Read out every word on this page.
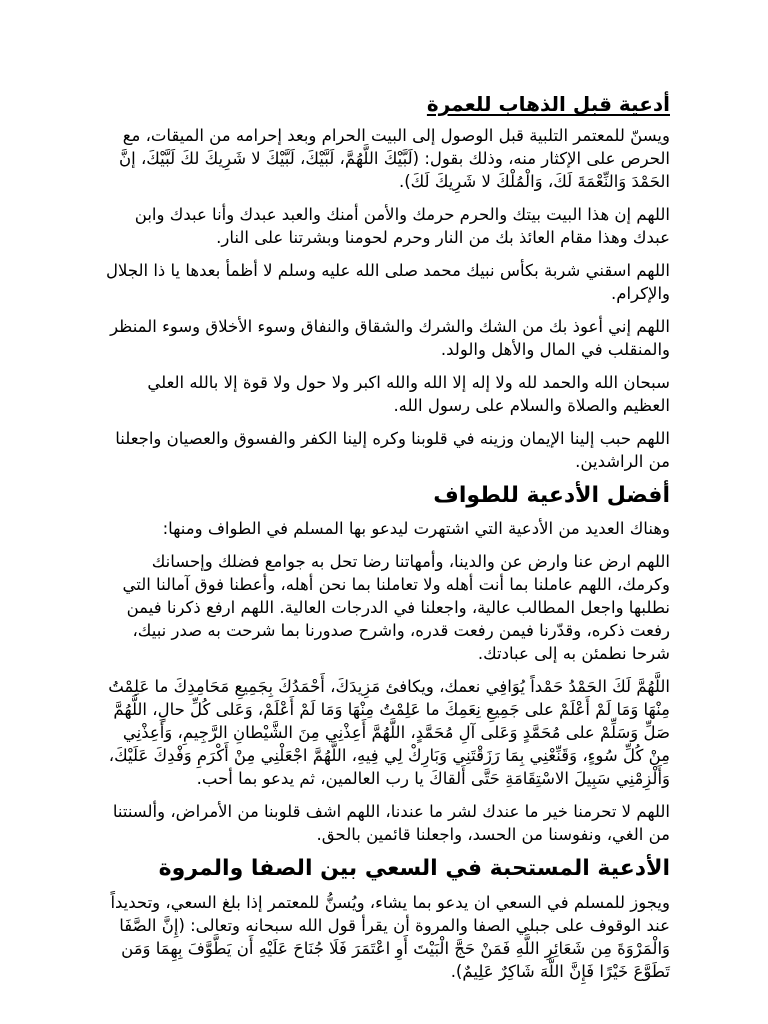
أدعية قبل الذهاب للعمرة

ويسنّ للمعتمر التلبية قبل الوصول إلى البيت الحرام وبعد إحرامه من الميقات، مع الحرص على الإكثار منه، وذلك بقول: (لَبَّيْكَ اللَّهُمَّ، لَبَّيْكَ، لَبَّيْكَ لا شَرِيكَ لكَ لَبَّيْكَ، إنَّ الحَمْدَ وَالنِّعْمَةَ لَكَ، وَالْمُلْكَ لا شَرِيكَ لَكَ).

اللهم إن هذا البيت بيتك والحرم حرمك والأمن أمنك والعبد عبدك وأنا عبدك وابن عبدك وهذا مقام العائذ بك من النار وحرم لحومنا وبشرتنا على النار.

اللهم اسقني شربة بكأس نبيك محمد صلى الله عليه وسلم لا أظمأ بعدها يا ذا الجلال والإكرام.

اللهم إني أعوذ بك من الشك والشرك والشقاق والنفاق وسوء الأخلاق وسوء المنظر والمنقلب في المال والأهل والولد.

سبحان الله والحمد لله ولا إله إلا الله والله اكبر ولا حول ولا قوة إلا بالله العلي العظيم والصلاة والسلام على رسول الله.

اللهم حبب إلينا الإيمان وزينه في قلوبنا وكره إلينا الكفر والفسوق والعصيان واجعلنا من الراشدين.

أفضل الأدعية للطواف

وهناك العديد من الأدعية التي اشتهرت ليدعو بها المسلم في الطواف ومنها:

اللهم ارض عنا وارض عن والدينا، وأمهاتنا رضا تحل به جوامع فضلك وإحسانك وكرمك، اللهم عاملنا بما أنت أهله ولا تعاملنا بما نحن أهله، وأعطنا فوق آمالنا التي نطلبها واجعل المطالب عالية، واجعلنا في الدرجات العالية. اللهم ارفع ذكرنا فيمن رفعت ذكره، وقدّرنا فيمن رفعت قدره، واشرح صدورنا بما شرحت به صدر نبيك، شرحا نطمئن به إلى عبادتك.

اللَّهُمَّ لَكَ الحَمْدُ حَمْداً يُوَافِي نعمك، ويكافئ مَزِيدَكَ، أَحْمَدُكَ بِجَمِيعِ مَحَامِدِكَ ما عَلِمْتُ مِنْهَا وَمَا لَمْ أَعْلَمْ على جَمِيعِ نِعَمِكَ ما عَلِمْتُ مِنْهَا وَمَا لَمْ أَعْلَمْ، وَعَلى كُلِّ حالٍ، اللَّهُمَّ صَلِّ وَسَلِّمْ على مُحَمَّدٍ وَعَلى آلِ مُحَمَّدٍ، اللَّهُمَّ أَعِذْنِي مِنَ الشَّيْطانِ الرَّجِيمِ، وَأَعِذْنِي مِنْ كُلِّ سُوءٍ، وَقَنِّعْنِي بِمَا رَزَقْتَنِي وَبَارِكْ لِي فِيهِ، اللَّهُمَّ اجْعَلْنِي مِنْ أَكْرَمِ وَفْدِكَ عَلَيْكَ، وَأَلْزِمْنِي سَبِيلَ الاسْتِقَامَةِ حَتَّى أَلقاكَ يا رب العالمين، ثم يدعو بما أحب.

اللهم لا تحرمنا خير ما عندك لشر ما عندنا، اللهم اشف قلوبنا من الأمراض، وألسنتنا من الغي، ونفوسنا من الحسد، واجعلنا قائمين بالحق.

الأدعية المستحبة في السعي بين الصفا والمروة

ويجوز للمسلم في السعي ان يدعو بما يشاء، ويُسنُّ للمعتمر إذا بلغ السعي، وتحديداً عند الوقوف على جبلي الصفا والمروة أن يقرأ قول الله سبحانه وتعالى: (إِنَّ الصَّفَا وَالْمَرْوَةَ مِن شَعَائِرِ اللَّهِ فَمَنْ حَجَّ الْبَيْتَ أَوِ اعْتَمَرَ فَلَا جُنَاحَ عَلَيْهِ أَن يَطَّوَّفَ بِهِمَا وَمَن تَطَوَّعَ خَيْرًا فَإِنَّ اللَّهَ شَاكِرٌ عَلِيمٌ).
